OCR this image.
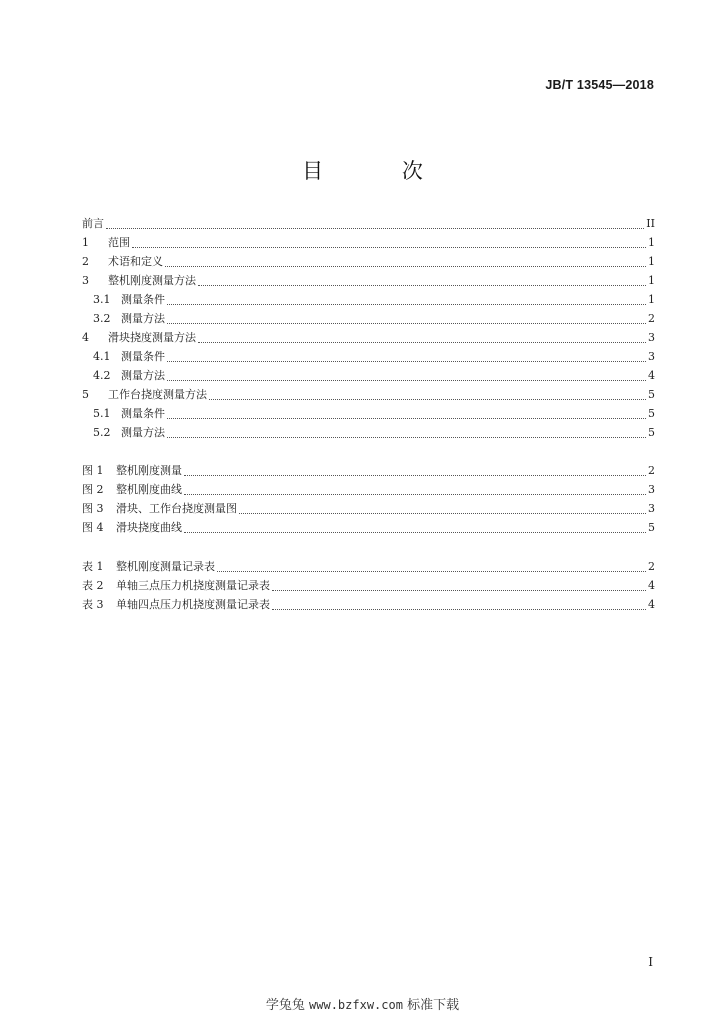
JB/T 13545—2018
目 次
前言	II
1	范围	1
2	术语和定义	1
3	整机刚度测量方法	1
3.1 测量条件	1
3.2 测量方法	2
4	滑块挠度测量方法	3
4.1 测量条件	3
4.2 测量方法	4
5	工作台挠度测量方法	5
5.1 测量条件	5
5.2 测量方法	5
图 1	整机刚度测量	2
图 2	整机刚度曲线	3
图 3	滑块、工作台挠度测量图	3
图 4	滑块挠度曲线	5
表 1	整机刚度测量记录表	2
表 2	单轴三点压力机挠度测量记录表	4
表 3	单轴四点压力机挠度测量记录表	4
I
学兔兔 www.bzfxw.com 标准下载
